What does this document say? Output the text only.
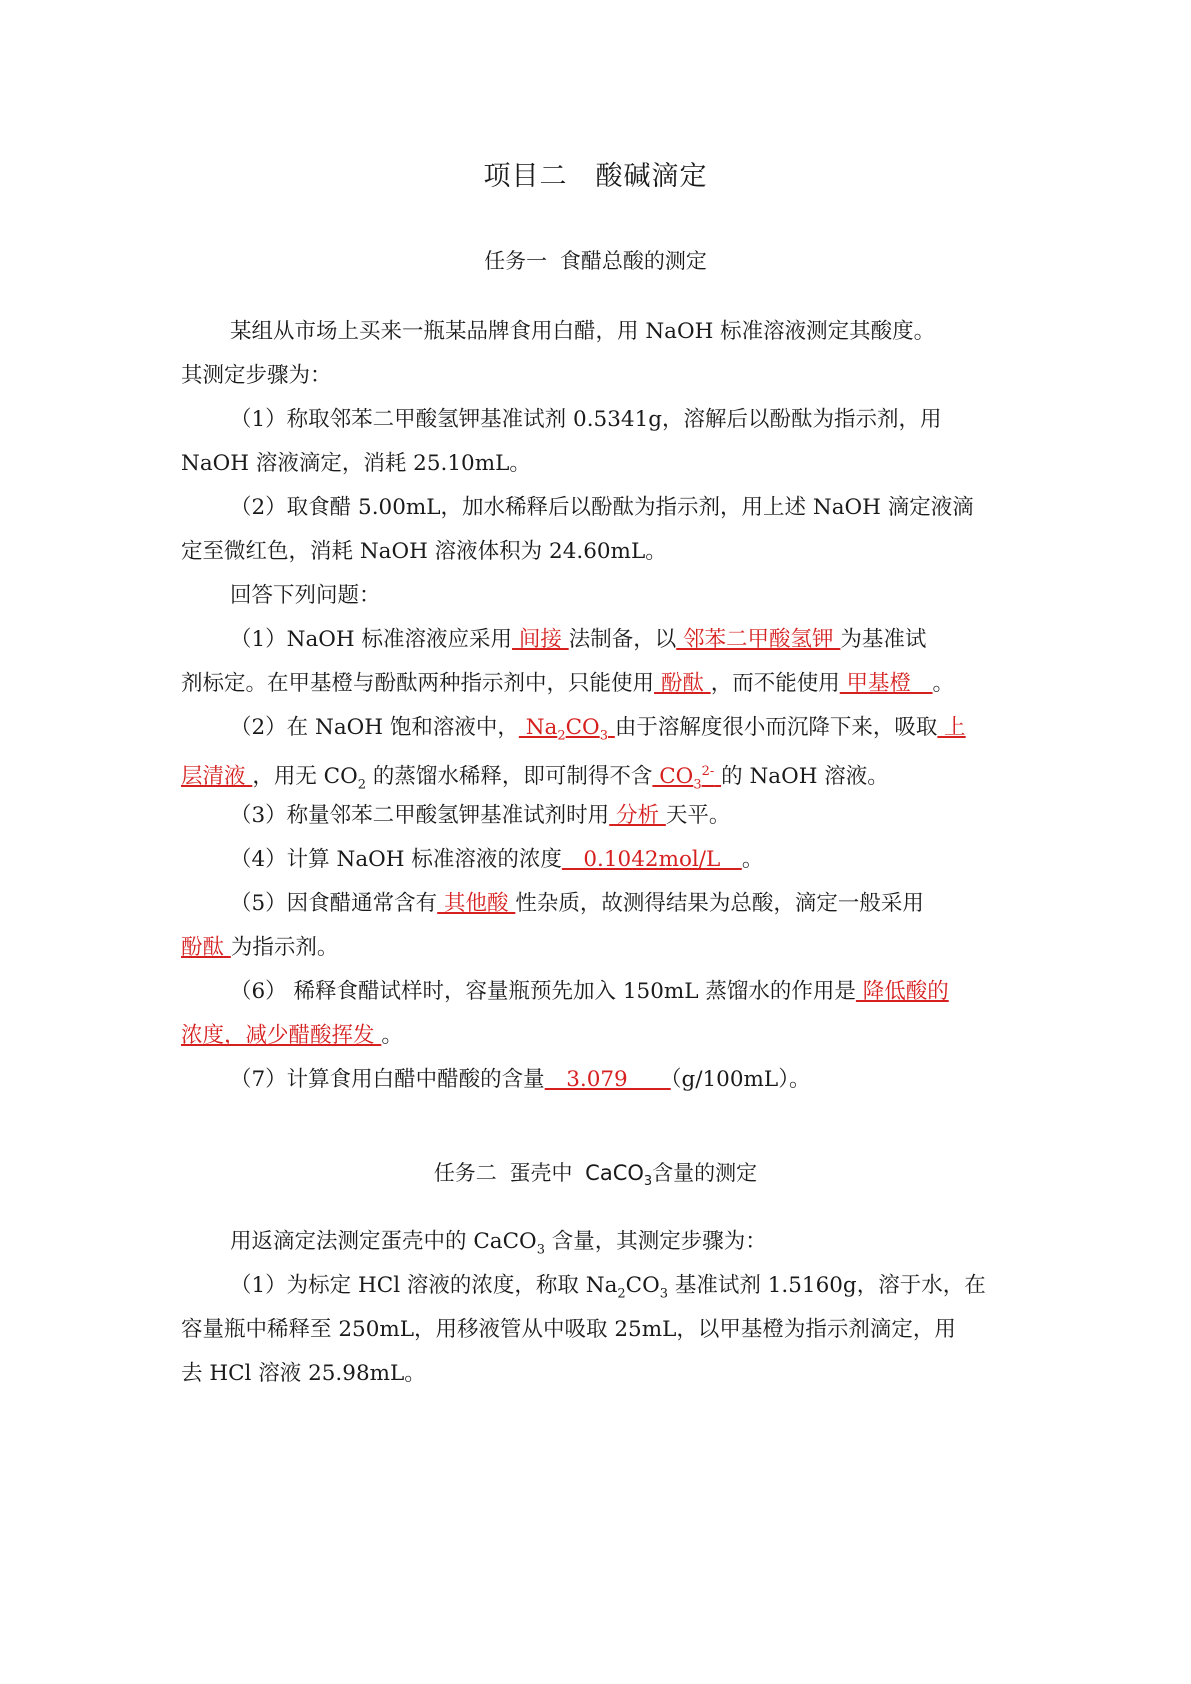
项目二　酸碱滴定
任务一 食醋总酸的测定
某组从市场上买来一瓶某品牌食用白醋，用 NaOH 标准溶液测定其酸度。
其测定步骤为：
（1）称取邻苯二甲酸氢钾基准试剂 0.5341g，溶解后以酚酞为指示剂，用
NaOH 溶液滴定，消耗 25.10mL。
（2）取食醋 5.00mL，加水稀释后以酚酞为指示剂，用上述 NaOH 滴定液滴
定至微红色，消耗 NaOH 溶液体积为 24.60mL。
回答下列问题：
（1）NaOH 标准溶液应采用 间接 法制备，以 邻苯二甲酸氢钾 为基准试
剂标定。在甲基橙与酚酞两种指示剂中，只能使用 酚酞 ，而不能使用 甲基橙　。
（2）在 NaOH 饱和溶液中， $Na_2CO_3$ 由于溶解度很小而沉降下来，吸取 上
层清液 ，用无 $CO_2$ 的蒸馏水稀释，即可制得不含 $CO_3^{2-}$ 的 NaOH 溶液。
（3）称量邻苯二甲酸氢钾基准试剂时用 分析 天平。
（4）计算 NaOH 标准溶液的浓度　0.1042mol/L　。
（5）因食醋通常含有 其他酸 性杂质，故测得结果为总酸，滴定一般采用
酚酞 为指示剂。
（6） 稀释食醋试样时，容量瓶预先加入 150mL 蒸馏水的作用是 降低酸的
浓度，减少醋酸挥发 。
（7）计算食用白醋中醋酸的含量　3.079　　（g/100mL）。
任务二 蛋壳中 CaCO$_3$含量的测定
用返滴定法测定蛋壳中的 CaCO$_3$ 含量，其测定步骤为：
（1）为标定 HCl 溶液的浓度，称取 $Na_2CO_3$ 基准试剂 1.5160g，溶于水，在
容量瓶中稀释至 250mL，用移液管从中吸取 25mL，以甲基橙为指示剂滴定，用
去 HCl 溶液 25.98mL。
